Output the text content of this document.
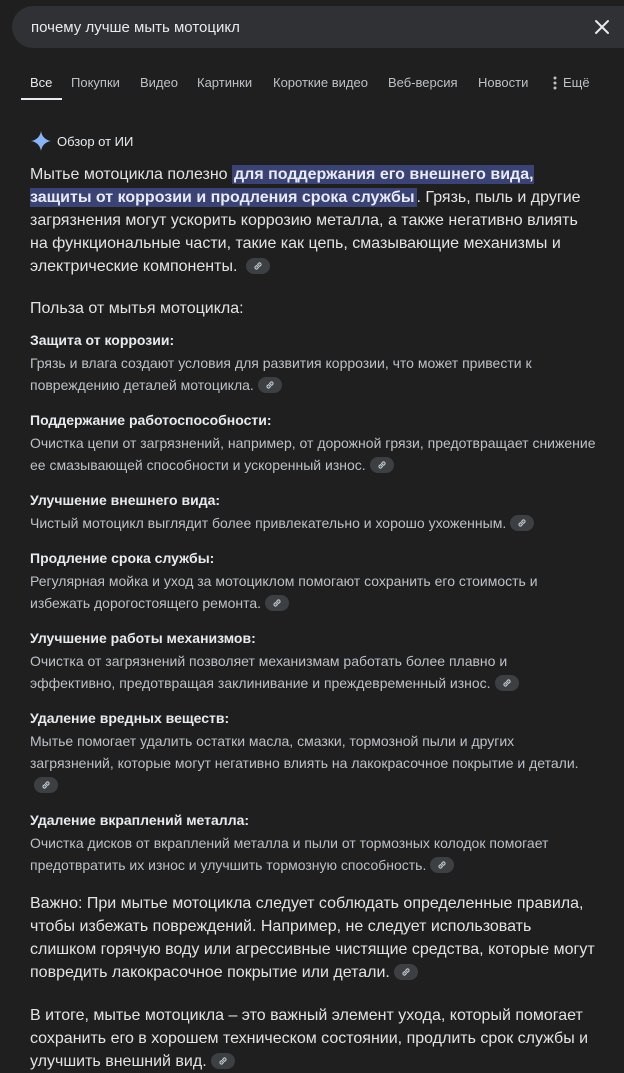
почему лучше мыть мотоцикл
Все Покупки Видео Картинки Короткие видео Веб-версия Новости	Ещё
Обзор от ИИ

Мытье мотоцикла полезно для поддержания его внешнего вида, защиты от коррозии и продления срока службы . Грязь, пыль и другие загрязнения могут ускорить коррозию металла, а также негативно влиять на функциональные части, такие как цепь, смазывающие механизмы и электрические компоненты.

Польза от мытья мотоцикла:

Защита от коррозии:

Грязь и влага создают условия для развития коррозии, что может привести к повреждению деталей мотоцикла.

Поддержание работоспособности:

Очистка цепи от загрязнений, например, от дорожной грязи, предотвращает снижение ее смазывающей способности и ускоренный износ.

Улучшение внешнего вида:

Чистый мотоцикл выглядит более привлекательно и хорошо ухоженным.

Продление срока службы:

Регулярная мойка и уход за мотоциклом помогают сохранить его стоимость и избежать дорогостоящего ремонта.

Улучшение работы механизмов:

Очистка от загрязнений позволяет механизмам работать более плавно и эффективно, предотвращая заклинивание и преждевременный износ.

Удаление вредных веществ:

Мытье помогает удалить остатки масла, смазки, тормозной пыли и других загрязнений, которые могут негативно влиять на лакокрасочное покрытие и детали.

Удаление вкраплений металла:

Очистка дисков от вкраплений металла и пыли от тормозных колодок помогает предотвратить их износ и улучшить тормозную способность.

Важно: При мытье мотоцикла следует соблюдать определенные правила, чтобы избежать повреждений. Например, не следует использовать слишком горячую воду или агрессивные чистящие средства, которые могут повредить лакокрасочное покрытие или детали.

В итоге, мытье мотоцикла – это важный элемент ухода, который помогает сохранить его в хорошем техническом состоянии, продлить срок службы и улучшить внешний вид.
